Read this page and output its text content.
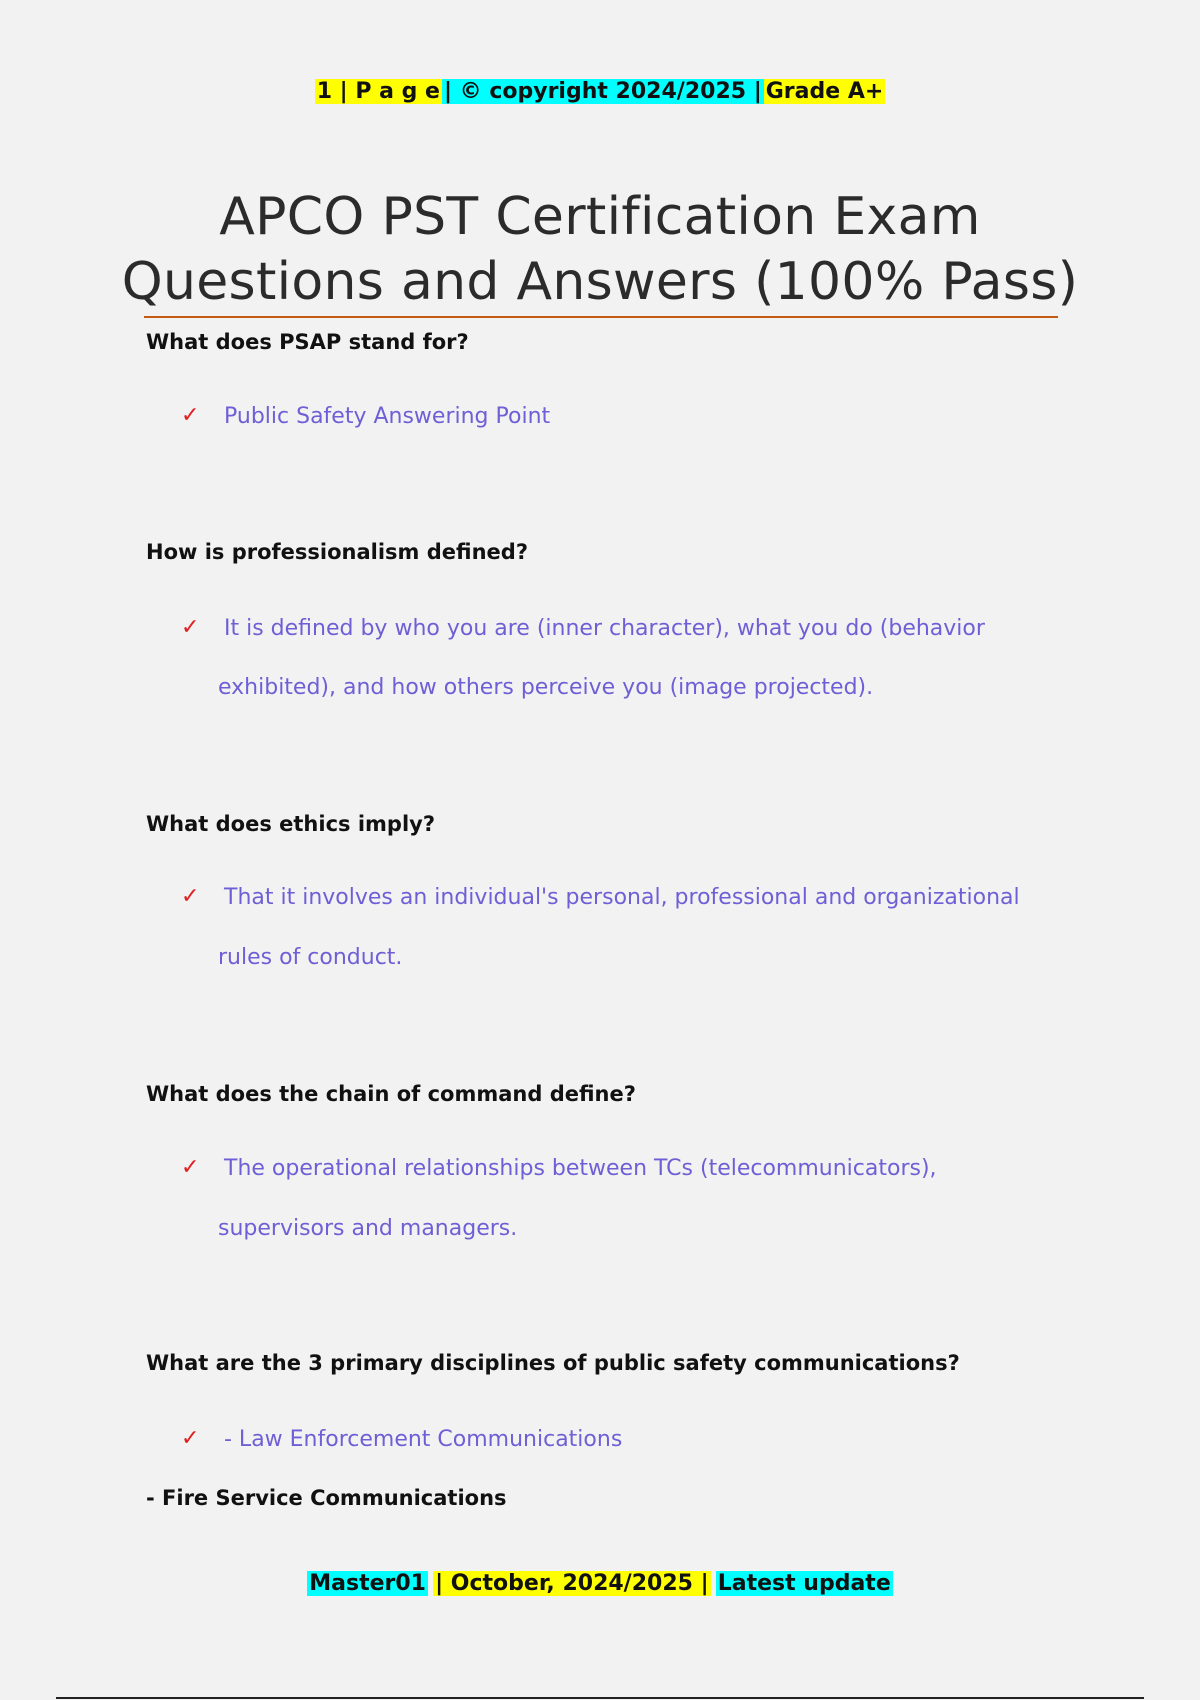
1 | P a g e | © copyright 2024/2025 | Grade A+
APCO PST Certification Exam
Questions and Answers (100% Pass)
What does PSAP stand for?
✓ Public Safety Answering Point
How is professionalism defined?
✓ It is defined by who you are (inner character), what you do (behavior
exhibited), and how others perceive you (image projected).
What does ethics imply?
✓ That it involves an individual's personal, professional and organizational
rules of conduct.
What does the chain of command define?
✓ The operational relationships between TCs (telecommunicators),
supervisors and managers.
What are the 3 primary disciplines of public safety communications?
✓ - Law Enforcement Communications
- Fire Service Communications
Master01 | October, 2024/2025 | Latest update
